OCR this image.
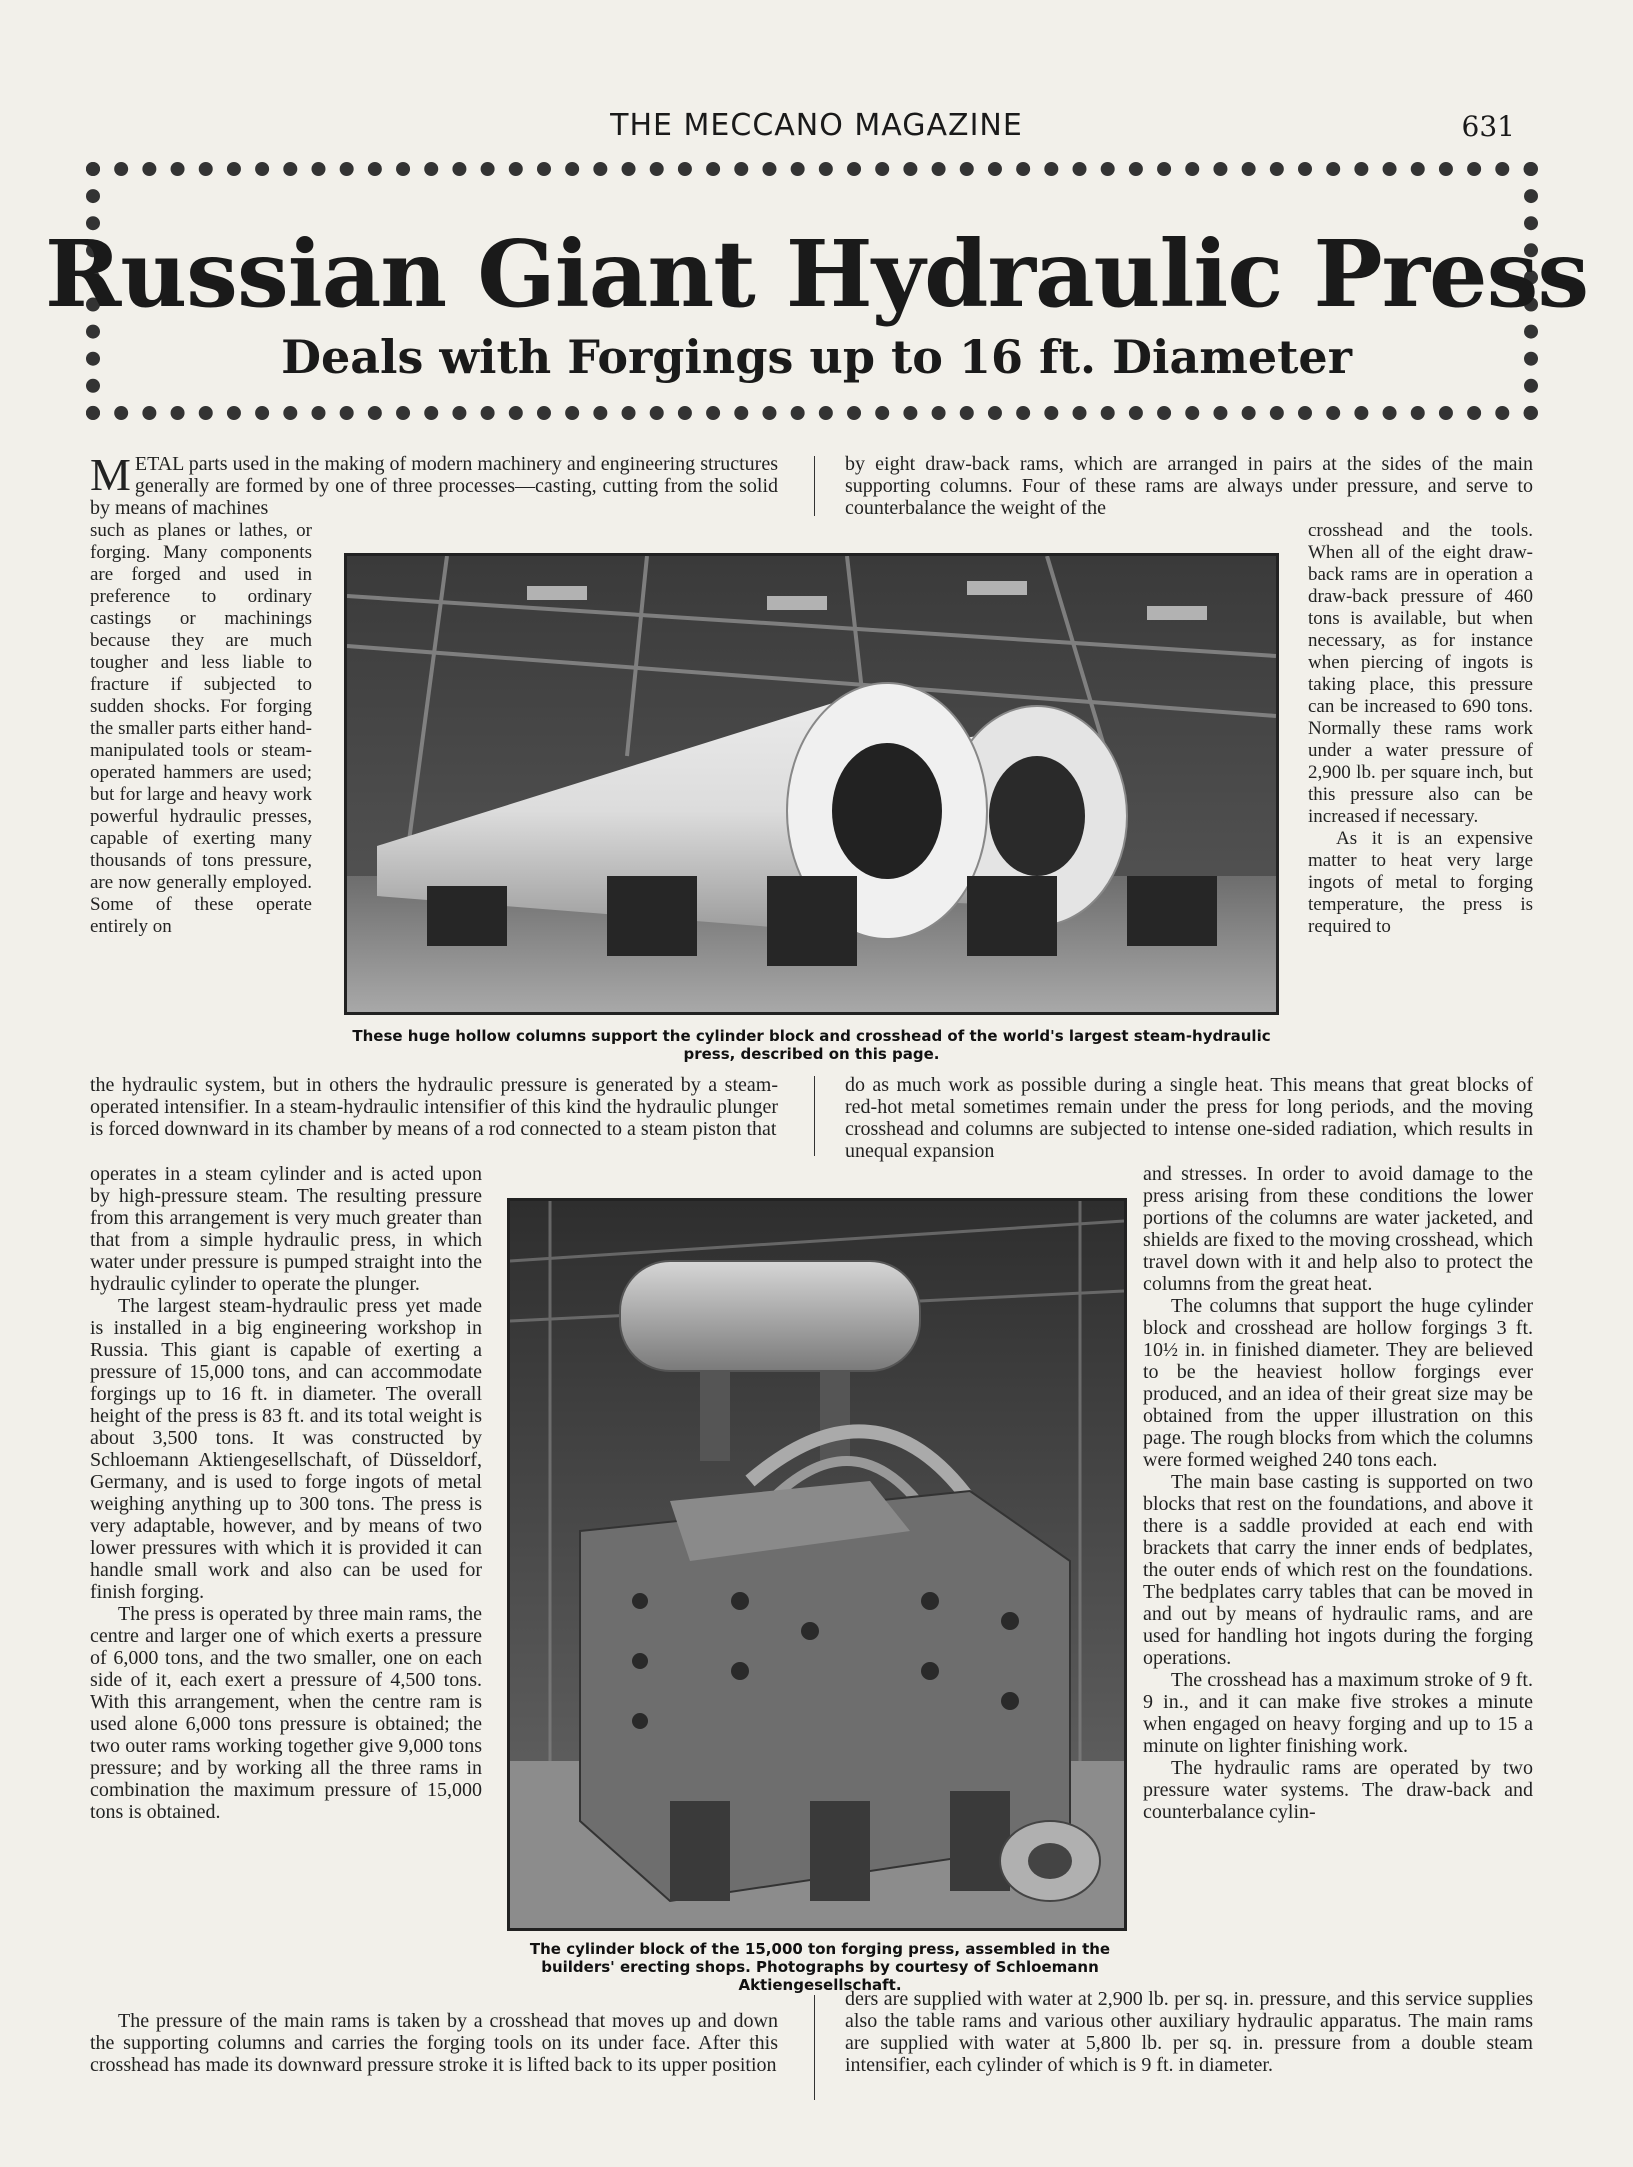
THE MECCANO MAGAZINE	631
Russian Giant Hydraulic Press
Deals with Forgings up to 16 ft. Diameter
METAL parts used in the making of modern machinery and engineering structures generally are formed by one of three processes—casting, cutting from the solid by means of machines

by eight draw-back rams, which are arranged in pairs at the sides of the main supporting columns. Four of these rams are always under pressure, and serve to counterbalance the weight of the

such as planes or lathes, or forging. Many components are forged and used in preference to ordinary castings or machinings because they are much tougher and less liable to fracture if subjected to sudden shocks. For forging the smaller parts either hand-manipulated tools or steam-operated hammers are used; but for large and heavy work powerful hydraulic presses, capable of exerting many thousands of tons pressure, are now generally employed. Some of these operate entirely on

crosshead and the tools. When all of the eight draw-back rams are in operation a draw-back pressure of 460 tons is available, but when necessary, as for instance when piercing of ingots is taking place, this pressure can be increased to 690 tons. Normally these rams work under a water pressure of 2,900 lb. per square inch, but this pressure also can be increased if necessary.

As it is an expensive matter to heat very large ingots of metal to forging temperature, the press is required to

These huge hollow columns support the cylinder block and crosshead of the world's largest steam-hydraulic press, described on this page.

the hydraulic system, but in others the hydraulic pressure is generated by a steam-operated intensifier. In a steam-hydraulic intensifier of this kind the hydraulic plunger is forced downward in its chamber by means of a rod connected to a steam piston that

do as much work as possible during a single heat. This means that great blocks of red-hot metal sometimes remain under the press for long periods, and the moving crosshead and columns are subjected to intense one-sided radiation, which results in unequal expansion

operates in a steam cylinder and is acted upon by high-pressure steam. The resulting pressure from this arrangement is very much greater than that from a simple hydraulic press, in which water under pressure is pumped straight into the hydraulic cylinder to operate the plunger.

The largest steam-hydraulic press yet made is installed in a big engineering workshop in Russia. This giant is capable of exerting a pressure of 15,000 tons, and can accommodate forgings up to 16 ft. in diameter. The overall height of the press is 83 ft. and its total weight is about 3,500 tons. It was constructed by Schloemann Aktiengesellschaft, of Düsseldorf, Germany, and is used to forge ingots of metal weighing anything up to 300 tons. The press is very adaptable, however, and by means of two lower pressures with which it is provided it can handle small work and also can be used for finish forging.

The press is operated by three main rams, the centre and larger one of which exerts a pressure of 6,000 tons, and the two smaller, one on each side of it, each exert a pressure of 4,500 tons. With this arrangement, when the centre ram is used alone 6,000 tons pressure is obtained; the two outer rams working together give 9,000 tons pressure; and by working all the three rams in combination the maximum pressure of 15,000 tons is obtained.

The cylinder block of the 15,000 ton forging press, assembled in the builders' erecting shops. Photographs by courtesy of Schloemann Aktiengesellschaft.

and stresses. In order to avoid damage to the press arising from these conditions the lower portions of the columns are water jacketed, and shields are fixed to the moving crosshead, which travel down with it and help also to protect the columns from the great heat.

The columns that support the huge cylinder block and crosshead are hollow forgings 3 ft. 10½ in. in finished diameter. They are believed to be the heaviest hollow forgings ever produced, and an idea of their great size may be obtained from the upper illustration on this page. The rough blocks from which the columns were formed weighed 240 tons each.

The main base casting is supported on two blocks that rest on the foundations, and above it there is a saddle provided at each end with brackets that carry the inner ends of bedplates, the outer ends of which rest on the foundations. The bedplates carry tables that can be moved in and out by means of hydraulic rams, and are used for handling hot ingots during the forging operations.

The crosshead has a maximum stroke of 9 ft. 9 in., and it can make five strokes a minute when engaged on heavy forging and up to 15 a minute on lighter finishing work.

The hydraulic rams are operated by two pressure water systems. The draw-back and counterbalance cylin-

The pressure of the main rams is taken by a crosshead that moves up and down the supporting columns and carries the forging tools on its under face. After this crosshead has made its downward pressure stroke it is lifted back to its upper position

ders are supplied with water at 2,900 lb. per sq. in. pressure, and this service supplies also the table rams and various other auxiliary hydraulic apparatus. The main rams are supplied with water at 5,800 lb. per sq. in. pressure from a double steam intensifier, each cylinder of which is 9 ft. in diameter.
